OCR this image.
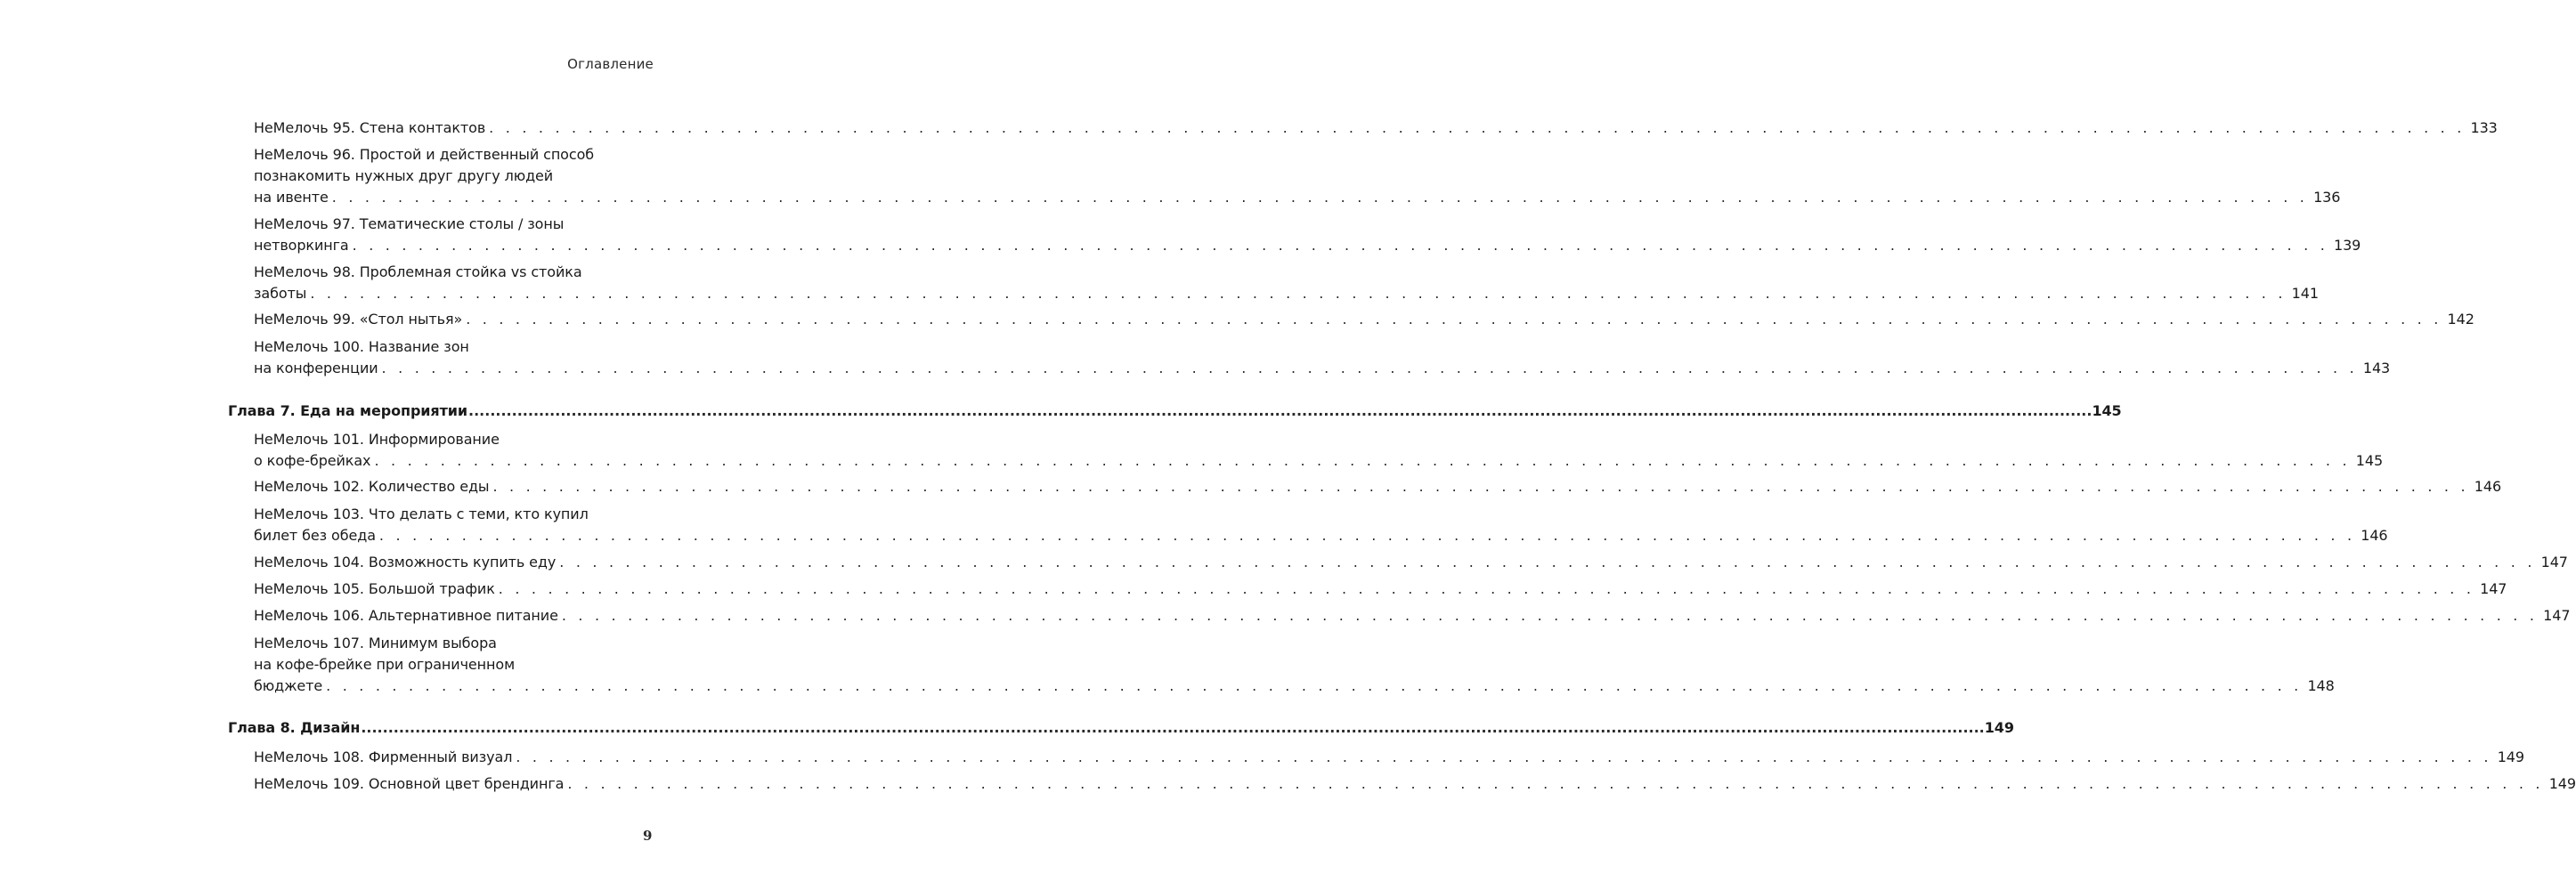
Оглавление
НеМелочь 95. Стена контактов . . . . . . . . . . . . . . . . . . . . . . . . . . . . . . . . . . . . . . . . . . . . . . . . . . . . . . . . . . . . . . . . . . . . . . . . . . . . . . . . . . . . . . . . . . . . . . . . . . . . . . . . . . . . . . . . . . . . . . . . 133
НеМелочь 96. Простой и действенный способ
познакомить нужных друг другу людей
на ивенте . . . . . . . . . . . . . . . . . . . . . . . . . . . . . . . . . . . . . . . . . . . . . . . . . . . . . . . . . . . . . . . . . . . . . . . . . . . . . . . . . . . . . . . . . . . . . . . . . . . . . . . . . . . . . . . . . . . . . . . . 136
НеМелочь 97. Тематические столы / зоны
нетворкинга . . . . . . . . . . . . . . . . . . . . . . . . . . . . . . . . . . . . . . . . . . . . . . . . . . . . . . . . . . . . . . . . . . . . . . . . . . . . . . . . . . . . . . . . . . . . . . . . . . . . . . . . . . . . . . . . . . . . . . . . 139
НеМелочь 98. Проблемная стойка vs стойка
заботы . . . . . . . . . . . . . . . . . . . . . . . . . . . . . . . . . . . . . . . . . . . . . . . . . . . . . . . . . . . . . . . . . . . . . . . . . . . . . . . . . . . . . . . . . . . . . . . . . . . . . . . . . . . . . . . . . . . . . . . . 141
НеМелочь 99. «Стол нытья» . . . . . . . . . . . . . . . . . . . . . . . . . . . . . . . . . . . . . . . . . . . . . . . . . . . . . . . . . . . . . . . . . . . . . . . . . . . . . . . . . . . . . . . . . . . . . . . . . . . . . . . . . . . . . . . . . . . . . . . . 142
НеМелочь 100. Название зон
на конференции . . . . . . . . . . . . . . . . . . . . . . . . . . . . . . . . . . . . . . . . . . . . . . . . . . . . . . . . . . . . . . . . . . . . . . . . . . . . . . . . . . . . . . . . . . . . . . . . . . . . . . . . . . . . . . . . . . . . . . . . 143
Глава 7. Еда на мероприятии ............................................................................................................................................................................................................................................................................................................ 145
НеМелочь 101. Информирование
о кофе-брейках . . . . . . . . . . . . . . . . . . . . . . . . . . . . . . . . . . . . . . . . . . . . . . . . . . . . . . . . . . . . . . . . . . . . . . . . . . . . . . . . . . . . . . . . . . . . . . . . . . . . . . . . . . . . . . . . . . . . . . . . 145
НеМелочь 102. Количество еды . . . . . . . . . . . . . . . . . . . . . . . . . . . . . . . . . . . . . . . . . . . . . . . . . . . . . . . . . . . . . . . . . . . . . . . . . . . . . . . . . . . . . . . . . . . . . . . . . . . . . . . . . . . . . . . . . . . . . . . . 146
НеМелочь 103. Что делать с теми, кто купил
билет без обеда . . . . . . . . . . . . . . . . . . . . . . . . . . . . . . . . . . . . . . . . . . . . . . . . . . . . . . . . . . . . . . . . . . . . . . . . . . . . . . . . . . . . . . . . . . . . . . . . . . . . . . . . . . . . . . . . . . . . . . . . 146
НеМелочь 104. Возможность купить еду . . . . . . . . . . . . . . . . . . . . . . . . . . . . . . . . . . . . . . . . . . . . . . . . . . . . . . . . . . . . . . . . . . . . . . . . . . . . . . . . . . . . . . . . . . . . . . . . . . . . . . . . . . . . . . . . . . . . . . . . 147
НеМелочь 105. Большой трафик . . . . . . . . . . . . . . . . . . . . . . . . . . . . . . . . . . . . . . . . . . . . . . . . . . . . . . . . . . . . . . . . . . . . . . . . . . . . . . . . . . . . . . . . . . . . . . . . . . . . . . . . . . . . . . . . . . . . . . . . 147
НеМелочь 106. Альтернативное питание . . . . . . . . . . . . . . . . . . . . . . . . . . . . . . . . . . . . . . . . . . . . . . . . . . . . . . . . . . . . . . . . . . . . . . . . . . . . . . . . . . . . . . . . . . . . . . . . . . . . . . . . . . . . . . . . . . . . . . . . 147
НеМелочь 107. Минимум выбора
на кофе-брейке при ограниченном
бюджете . . . . . . . . . . . . . . . . . . . . . . . . . . . . . . . . . . . . . . . . . . . . . . . . . . . . . . . . . . . . . . . . . . . . . . . . . . . . . . . . . . . . . . . . . . . . . . . . . . . . . . . . . . . . . . . . . . . . . . . . 148
Глава 8. Дизайн ............................................................................................................................................................................................................................................................................................................ 149
НеМелочь 108. Фирменный визуал . . . . . . . . . . . . . . . . . . . . . . . . . . . . . . . . . . . . . . . . . . . . . . . . . . . . . . . . . . . . . . . . . . . . . . . . . . . . . . . . . . . . . . . . . . . . . . . . . . . . . . . . . . . . . . . . . . . . . . . . 149
НеМелочь 109. Основной цвет брендинга . . . . . . . . . . . . . . . . . . . . . . . . . . . . . . . . . . . . . . . . . . . . . . . . . . . . . . . . . . . . . . . . . . . . . . . . . . . . . . . . . . . . . . . . . . . . . . . . . . . . . . . . . . . . . . . . . . . . . . . . 149
9
